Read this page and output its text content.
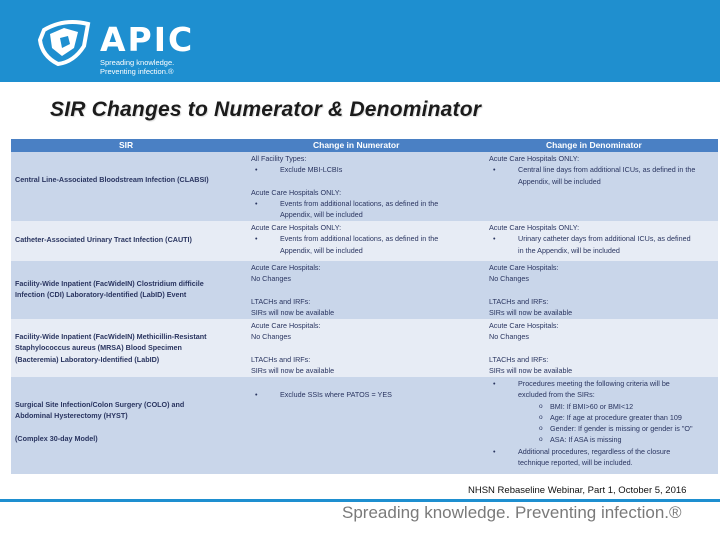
APIC
Spreading knowledge.
Preventing infection.®
SIR Changes to Numerator & Denominator
SIR	Change in Numerator	Change in Denominator
Central Line-Associated Bloodstream Infection (CLABSI)
All Facility Types:
• Exclude MBI-LCBIs

Acute Care Hospitals ONLY:
• Events from additional locations, as defined in the
Appendix, will be included
Acute Care Hospitals ONLY:
• Central line days from additional ICUs, as defined in the
Appendix, will be included
Catheter-Associated Urinary Tract Infection (CAUTI)
Acute Care Hospitals ONLY:
• Events from additional locations, as defined in the
Appendix, will be included
Acute Care Hospitals ONLY:
• Urinary catheter days from additional ICUs, as defined
in the Appendix, will be included
Facility-Wide Inpatient (FacWideIN) Clostridium difficile
Infection (CDI) Laboratory-Identified (LabID) Event
Acute Care Hospitals:
No Changes

LTACHs and IRFs:
SIRs will now be available
Acute Care Hospitals:
No Changes

LTACHs and IRFs:
SIRs will now be available
Facility-Wide Inpatient (FacWideIN) Methicillin-Resistant
Staphylococcus aureus (MRSA) Blood Specimen
(Bacteremia) Laboratory-Identified (LabID)
Acute Care Hospitals:
No Changes

LTACHs and IRFs:
SIRs will now be available
Acute Care Hospitals:
No Changes

LTACHs and IRFs:
SIRs will now be available
Surgical Site Infection/Colon Surgery (COLO) and
Abdominal Hysterectomy (HYST)

(Complex 30-day Model)
• Exclude SSIs where PATOS = YES
• Procedures meeting the following criteria will be
excluded from the SIRs:
o BMI: If BMI>60 or BMI<12
o Age: If age at procedure greater than 109
o Gender: If gender is missing or gender is "O"
o ASA: If ASA is missing
• Additional procedures, regardless of the closure
technique reported, will be included.
NHSN Rebaseline Webinar, Part 1, October 5, 2016
Spreading knowledge. Preventing infection.®
